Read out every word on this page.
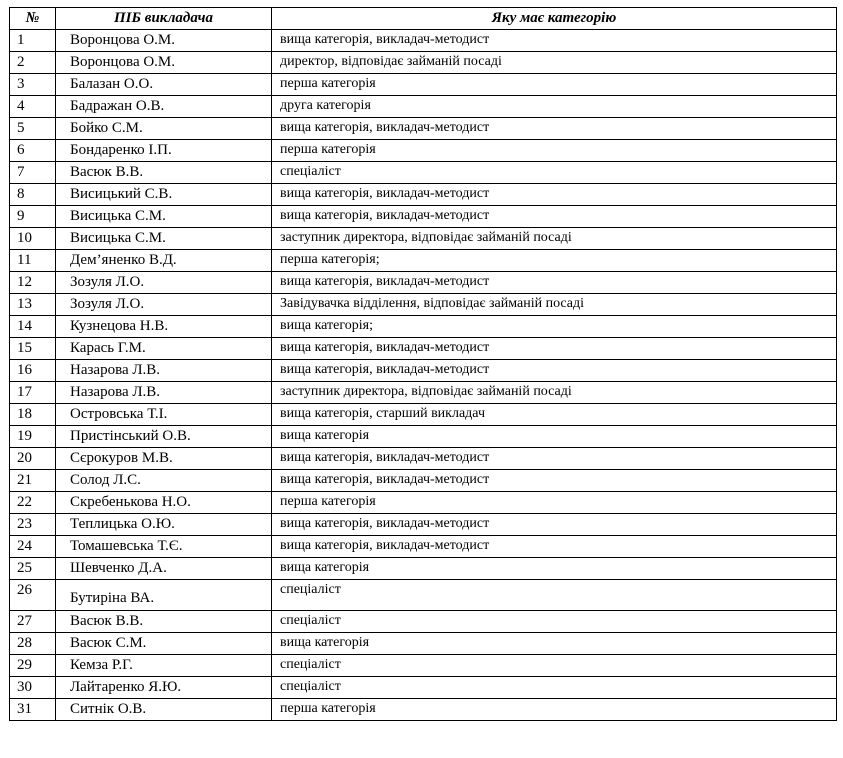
№	ПІБ викладача	Яку має категорію
1	Воронцова О.М.	вища категорія, викладач-методист
2	Воронцова О.М.	директор, відповідає займаній посаді
3	Балазан О.О.	перша категорія
4	Бадражан О.В.	друга категорія
5	Бойко С.М.	вища категорія, викладач-методист
6	Бондаренко І.П.	перша категорія
7	Васюк В.В.	спеціаліст
8	Висицький С.В.	вища категорія, викладач-методист
9	Висицька С.М.	вища категорія, викладач-методист
10	Висицька С.М.	заступник директора, відповідає займаній посаді
11	Дем’яненко В.Д.	перша категорія;
12	Зозуля Л.О.	вища категорія, викладач-методист
13	Зозуля Л.О.	Завідувачка відділення, відповідає займаній посаді
14	Кузнецова Н.В.	вища категорія;
15	Карась Г.М.	вища категорія, викладач-методист
16	Назарова Л.В.	вища категорія, викладач-методист
17	Назарова Л.В.	заступник директора, відповідає займаній посаді
18	Островська Т.І.	вища категорія, старший викладач
19	Пристінський О.В.	вища категорія
20	Сєрокуров М.В.	вища категорія, викладач-методист
21	Солод Л.С.	вища категорія, викладач-методист
22	Скребенькова Н.О.	перша категорія
23	Теплицька О.Ю.	вища категорія, викладач-методист
24	Томашевська Т.Є.	вища категорія, викладач-методист
25	Шевченко Д.А.	вища категорія
26	Бутиріна ВА.	спеціаліст
27	Васюк В.В.	спеціаліст
28	Васюк С.М.	вища категорія
29	Кемза Р.Г.	спеціаліст
30	Лайтаренко Я.Ю.	спеціаліст
31	Ситнік О.В.	перша категорія
